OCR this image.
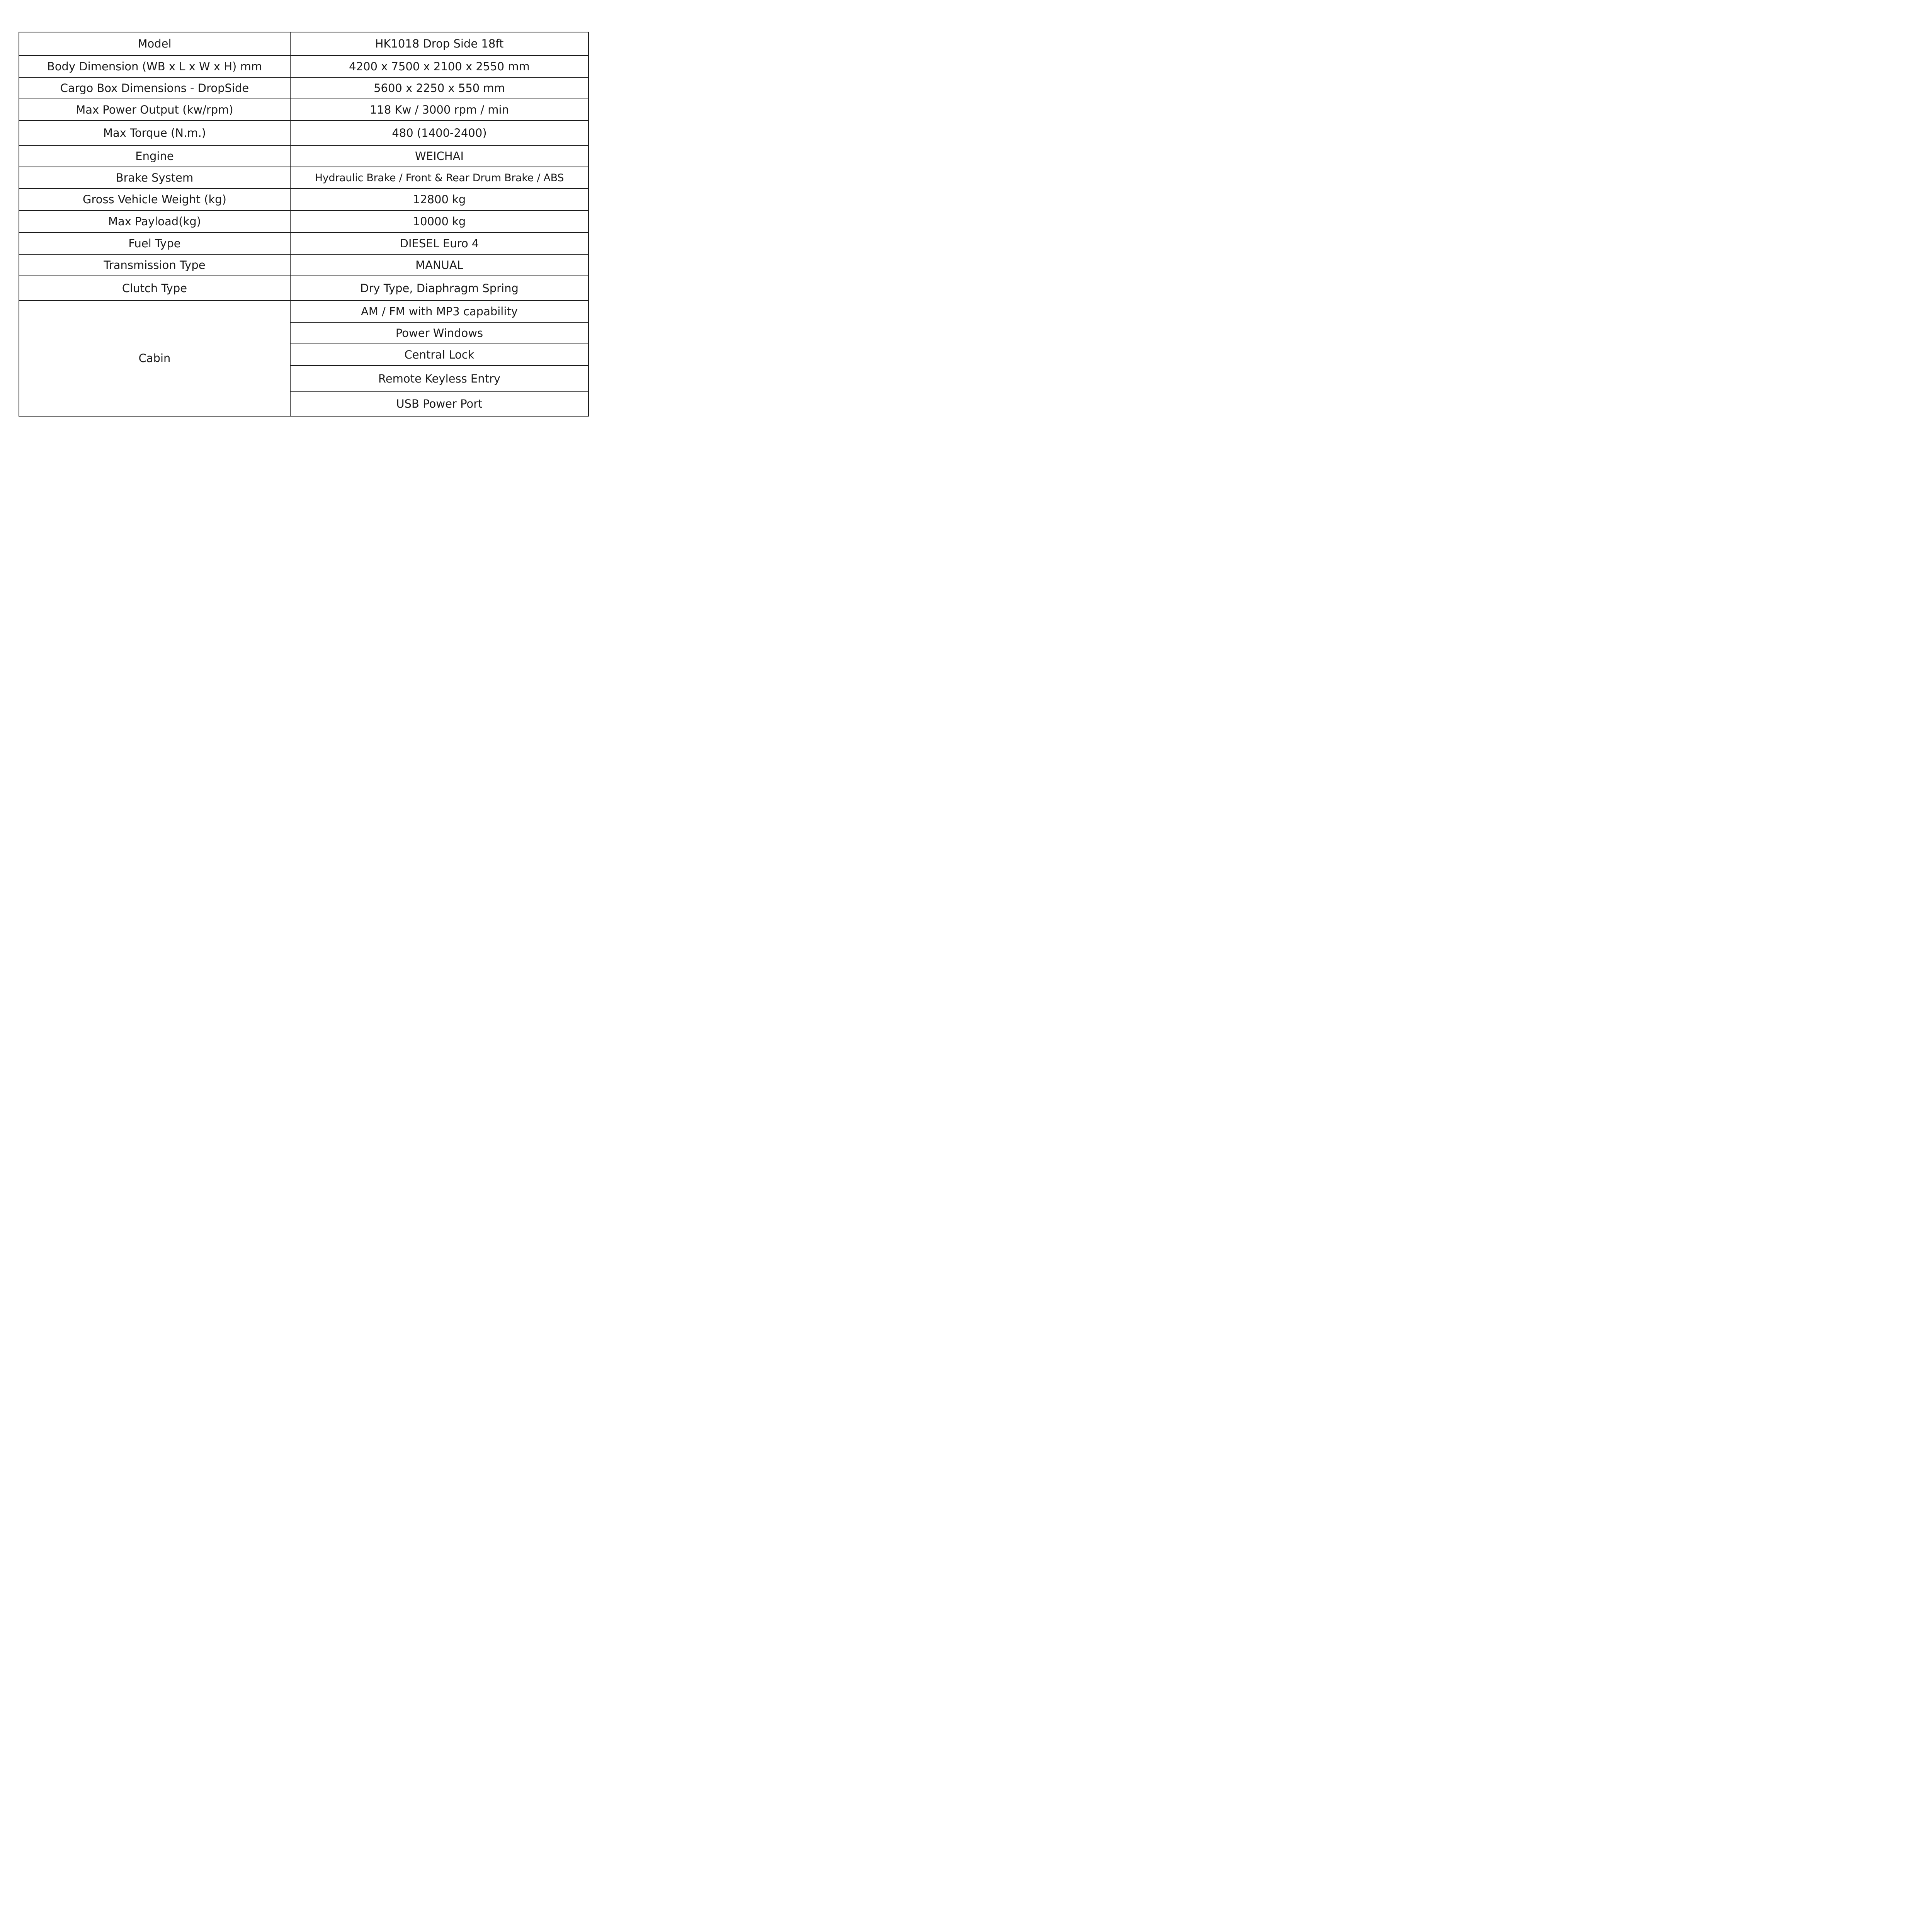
Model	HK1018 Drop Side 18ft
Body Dimension (WB x L x W x H) mm	4200 x 7500 x 2100 x 2550 mm
Cargo Box Dimensions - DropSide	5600 x 2250 x 550 mm
Max Power Output (kw/rpm)	118 Kw / 3000 rpm / min
Max Torque (N.m.)	480 (1400-2400)
Engine	WEICHAI
Brake System	Hydraulic Brake / Front & Rear Drum Brake / ABS
Gross Vehicle Weight (kg)	12800 kg
Max Payload(kg)	10000 kg
Fuel Type	DIESEL Euro 4
Transmission Type	MANUAL
Clutch Type	Dry Type, Diaphragm Spring
Cabin	AM / FM with MP3 capability
	Power Windows
	Central Lock
	Remote Keyless Entry
	USB Power Port
